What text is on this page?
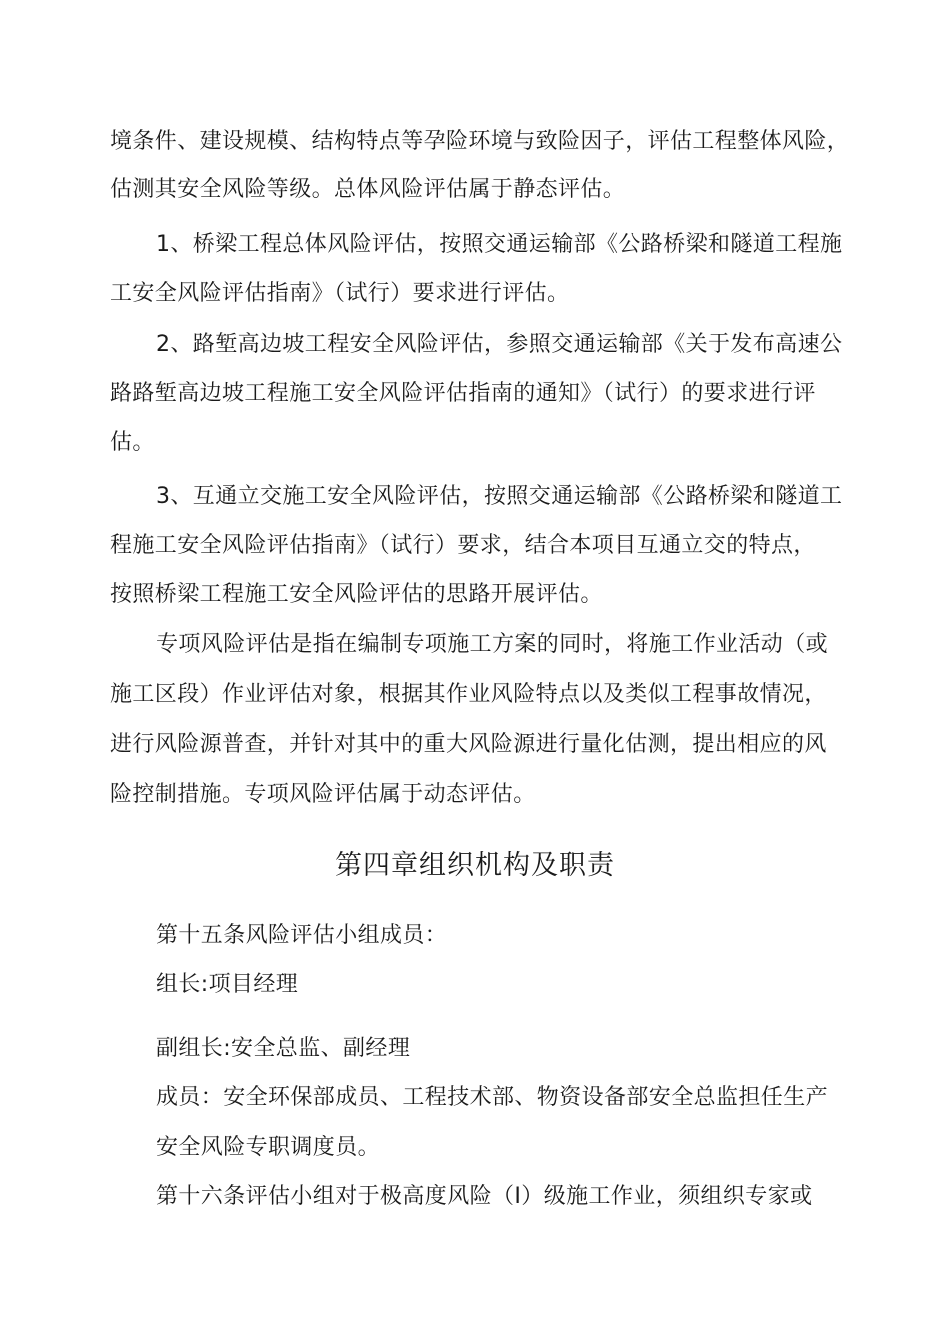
境条件、建设规模、结构特点等孕险环境与致险因子，评估工程整体风险，
估测其安全风险等级。总体风险评估属于静态评估。
1、桥梁工程总体风险评估，按照交通运输部《公路桥梁和隧道工程施
工安全风险评估指南》（试行）要求进行评估。
2、路堑高边坡工程安全风险评估，参照交通运输部《关于发布高速公
路路堑高边坡工程施工安全风险评估指南的通知》（试行）的要求进行评
估。
3、互通立交施工安全风险评估，按照交通运输部《公路桥梁和隧道工
程施工安全风险评估指南》（试行）要求，结合本项目互通立交的特点，
按照桥梁工程施工安全风险评估的思路开展评估。
专项风险评估是指在编制专项施工方案的同时，将施工作业活动（或
施工区段）作业评估对象，根据其作业风险特点以及类似工程事故情况，
进行风险源普查，并针对其中的重大风险源进行量化估测，提出相应的风
险控制措施。专项风险评估属于动态评估。
第四章组织机构及职责
第十五条风险评估小组成员：
组长:项目经理
副组长:安全总监、副经理
成员：安全环保部成员、工程技术部、物资设备部安全总监担任生产
安全风险专职调度员。
第十六条评估小组对于极高度风险（I）级施工作业，须组织专家或
